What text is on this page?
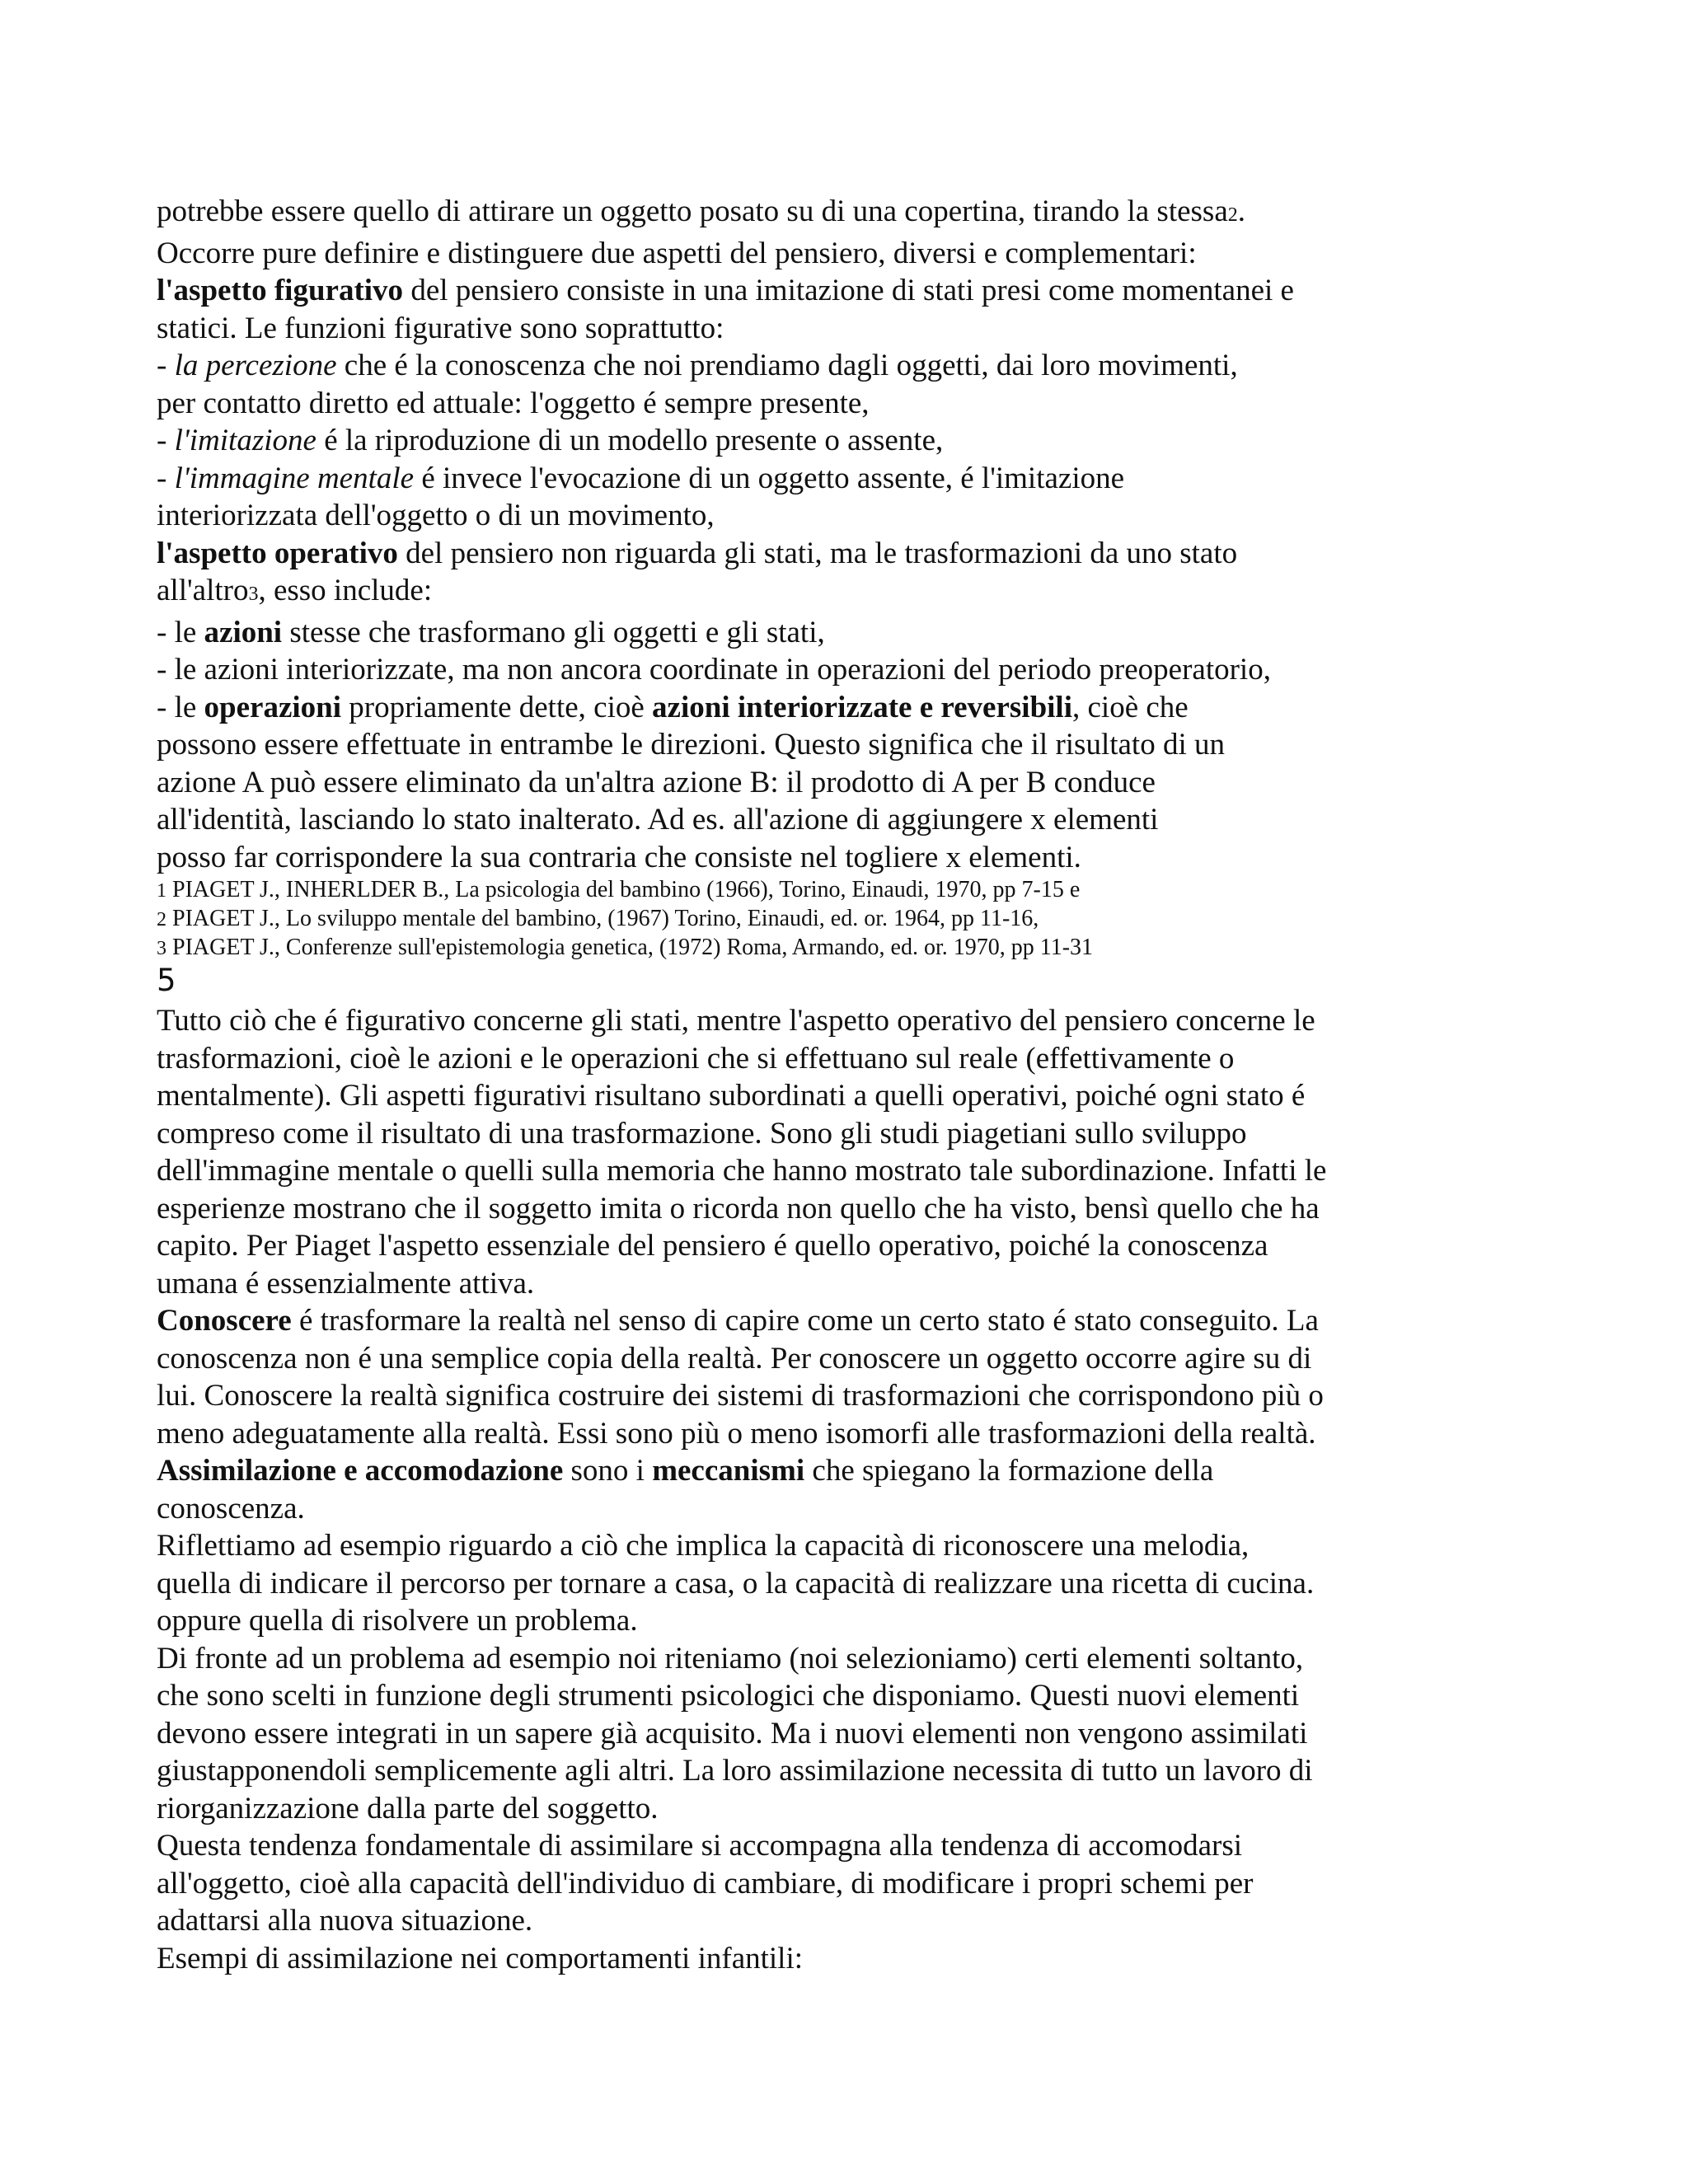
potrebbe essere quello di attirare un oggetto posato su di una copertina, tirando la stessa2.
Occorre pure definire e distinguere due aspetti del pensiero, diversi e complementari:
l'aspetto figurativo del pensiero consiste in una imitazione di stati presi come momentanei e
statici. Le funzioni figurative sono soprattutto:
- la percezione che é la conoscenza che noi prendiamo dagli oggetti, dai loro movimenti,
per contatto diretto ed attuale: l'oggetto é sempre presente,
- l'imitazione é la riproduzione di un modello presente o assente,
- l'immagine mentale é invece l'evocazione di un oggetto assente, é l'imitazione
interiorizzata dell'oggetto o di un movimento,
l'aspetto operativo del pensiero non riguarda gli stati, ma le trasformazioni da uno stato
all'altro3, esso include:
- le azioni stesse che trasformano gli oggetti e gli stati,
- le azioni interiorizzate, ma non ancora coordinate in operazioni del periodo preoperatorio,
- le operazioni propriamente dette, cioè azioni interiorizzate e reversibili, cioè che
possono essere effettuate in entrambe le direzioni. Questo significa che il risultato di un
azione A può essere eliminato da un'altra azione B: il prodotto di A per B conduce
all'identità, lasciando lo stato inalterato. Ad es. all'azione di aggiungere x elementi
posso far corrispondere la sua contraria che consiste nel togliere x elementi.
1 PIAGET J., INHERLDER B., La psicologia del bambino (1966), Torino, Einaudi, 1970, pp 7-15 e
2 PIAGET J., Lo sviluppo mentale del bambino, (1967) Torino, Einaudi, ed. or. 1964, pp 11-16,
3 PIAGET J., Conferenze sull'epistemologia genetica, (1972) Roma, Armando, ed. or. 1970, pp 11-31
5
Tutto ciò che é figurativo concerne gli stati, mentre l'aspetto operativo del pensiero concerne le
trasformazioni, cioè le azioni e le operazioni che si effettuano sul reale (effettivamente o
mentalmente). Gli aspetti figurativi risultano subordinati a quelli operativi, poiché ogni stato é
compreso come il risultato di una trasformazione. Sono gli studi piagetiani sullo sviluppo
dell'immagine mentale o quelli sulla memoria che hanno mostrato tale subordinazione. Infatti le
esperienze mostrano che il soggetto imita o ricorda non quello che ha visto, bensì quello che ha
capito. Per Piaget l'aspetto essenziale del pensiero é quello operativo, poiché la conoscenza
umana é essenzialmente attiva.
Conoscere é trasformare la realtà nel senso di capire come un certo stato é stato conseguito. La
conoscenza non é una semplice copia della realtà. Per conoscere un oggetto occorre agire su di
lui. Conoscere la realtà significa costruire dei sistemi di trasformazioni che corrispondono più o
meno adeguatamente alla realtà. Essi sono più o meno isomorfi alle trasformazioni della realtà.
Assimilazione e accomodazione sono i meccanismi che spiegano la formazione della
conoscenza.
Riflettiamo ad esempio riguardo a ciò che implica la capacità di riconoscere una melodia,
quella di indicare il percorso per tornare a casa, o la capacità di realizzare una ricetta di cucina.
oppure quella di risolvere un problema.
Di fronte ad un problema ad esempio noi riteniamo (noi selezioniamo) certi elementi soltanto,
che sono scelti in funzione degli strumenti psicologici che disponiamo. Questi nuovi elementi
devono essere integrati in un sapere già acquisito. Ma i nuovi elementi non vengono assimilati
giustapponendoli semplicemente agli altri. La loro assimilazione necessita di tutto un lavoro di
riorganizzazione dalla parte del soggetto.
Questa tendenza fondamentale di assimilare si accompagna alla tendenza di accomodarsi
all'oggetto, cioè alla capacità dell'individuo di cambiare, di modificare i propri schemi per
adattarsi alla nuova situazione.
Esempi di assimilazione nei comportamenti infantili:
